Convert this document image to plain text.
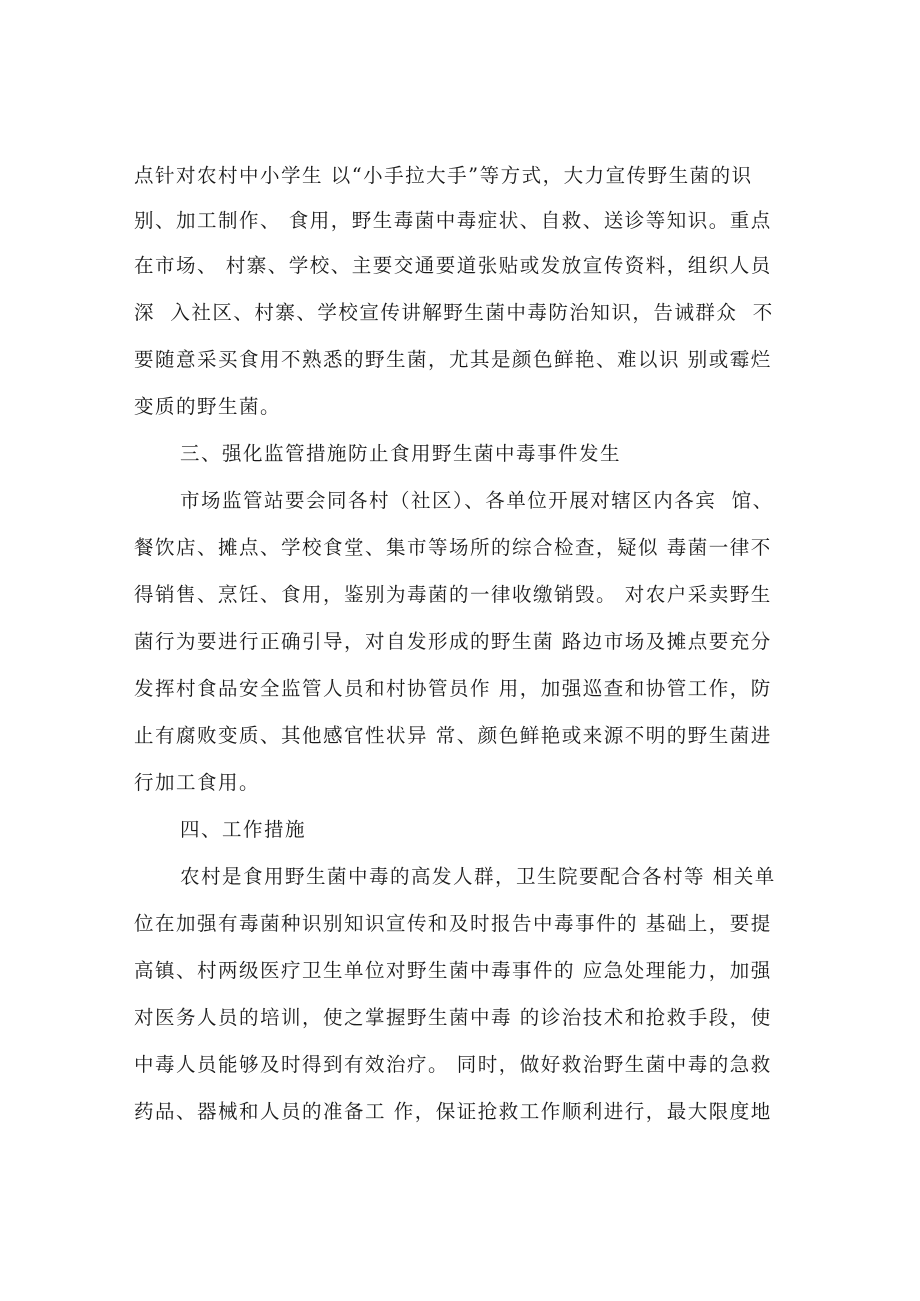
点针对农村中小学生 以“小手拉大手”等方式，大力宣传野生菌的识
别、加工制作、 食用，野生毒菌中毒症状、自救、送诊等知识。重点
在市场、 村寨、学校、主要交通要道张贴或发放宣传资料，组织人员
深  入社区、村寨、学校宣传讲解野生菌中毒防治知识，告诫群众  不
要随意采买食用不熟悉的野生菌，尤其是颜色鲜艳、难以识 别或霉烂
变质的野生菌。
三、强化监管措施防止食用野生菌中毒事件发生
市场监管站要会同各村（社区）、各单位开展对辖区内各宾  馆、
餐饮店、摊点、学校食堂、集市等场所的综合检查，疑似 毒菌一律不
得销售、烹饪、食用，鉴别为毒菌的一律收缴销毁。 对农户采卖野生
菌行为要进行正确引导，对自发形成的野生菌 路边市场及摊点要充分
发挥村食品安全监管人员和村协管员作 用，加强巡查和协管工作，防
止有腐败变质、其他感官性状异 常、颜色鲜艳或来源不明的野生菌进
行加工食用。
四、工作措施
农村是食用野生菌中毒的高发人群，卫生院要配合各村等 相关单
位在加强有毒菌种识别知识宣传和及时报告中毒事件的 基础上，要提
高镇、村两级医疗卫生单位对野生菌中毒事件的 应急处理能力，加强
对医务人员的培训，使之掌握野生菌中毒 的诊治技术和抢救手段，使
中毒人员能够及时得到有效治疗。 同时，做好救治野生菌中毒的急救
药品、器械和人员的准备工 作，保证抢救工作顺利进行，最大限度地
